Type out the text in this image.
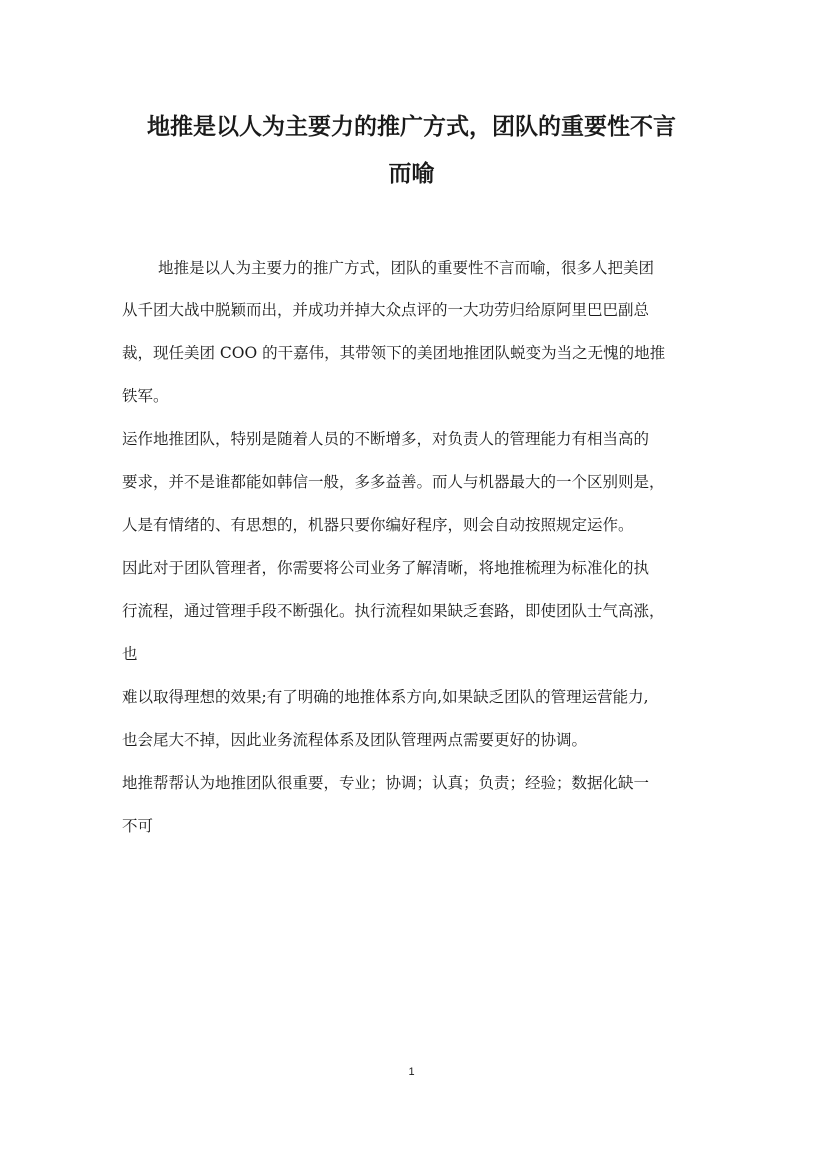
地推是以人为主要力的推广方式，团队的重要性不言
而喻

地推是以人为主要力的推广方式，团队的重要性不言而喻，很多人把美团

从千团大战中脱颖而出，并成功并掉大众点评的一大功劳归给原阿里巴巴副总

裁，现任美团 COO 的干嘉伟，其带领下的美团地推团队蜕变为当之无愧的地推

铁军。

运作地推团队，特别是随着人员的不断增多，对负责人的管理能力有相当高的

要求，并不是谁都能如韩信一般，多多益善。而人与机器最大的一个区别则是，

人是有情绪的、有思想的，机器只要你编好程序，则会自动按照规定运作。

因此对于团队管理者，你需要将公司业务了解清晰，将地推梳理为标准化的执

行流程，通过管理手段不断强化。执行流程如果缺乏套路，即使团队士气高涨，

也

难以取得理想的效果;有了明确的地推体系方向,如果缺乏团队的管理运营能力,

也会尾大不掉，因此业务流程体系及团队管理两点需要更好的协调。

地推帮帮认为地推团队很重要，专业；协调；认真；负责；经验；数据化缺一

不可

1
